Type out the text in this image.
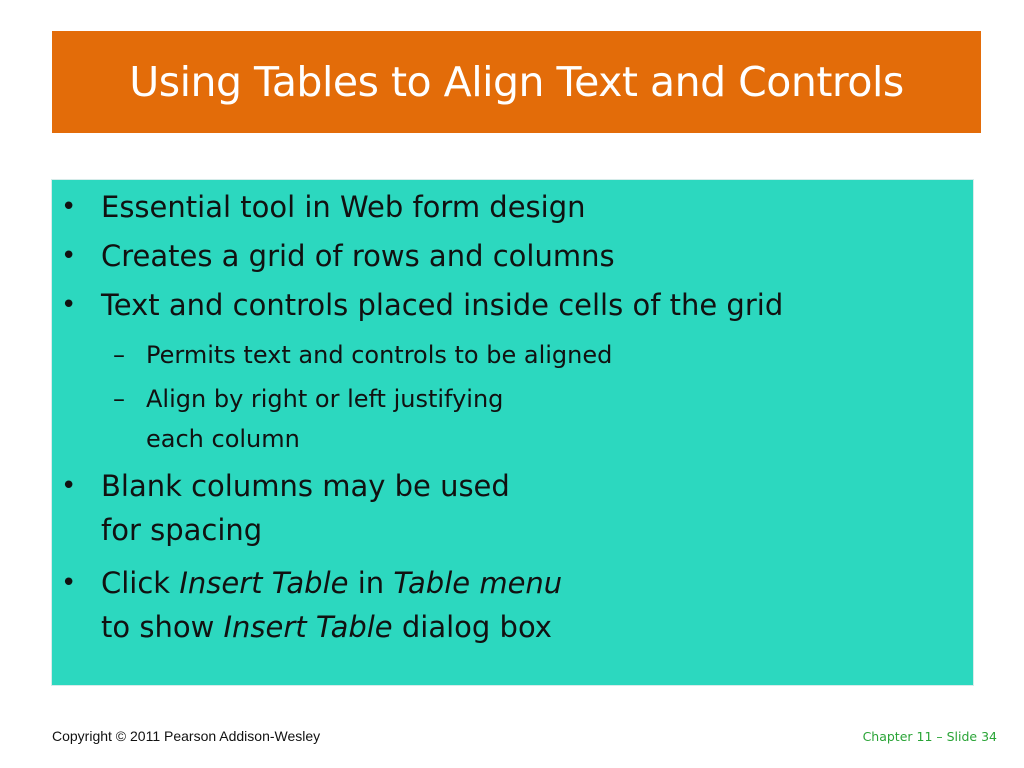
Using Tables to Align Text and Controls
• Essential tool in Web form design
• Creates a grid of rows and columns
• Text and controls placed inside cells of the grid
– Permits text and controls to be aligned
– Align by right or left justifying
each column
• Blank columns may be used
for spacing
• Click Insert Table in Table menu
to show Insert Table dialog box
Copyright © 2011 Pearson Addison-Wesley	Chapter 11 – Slide 34
